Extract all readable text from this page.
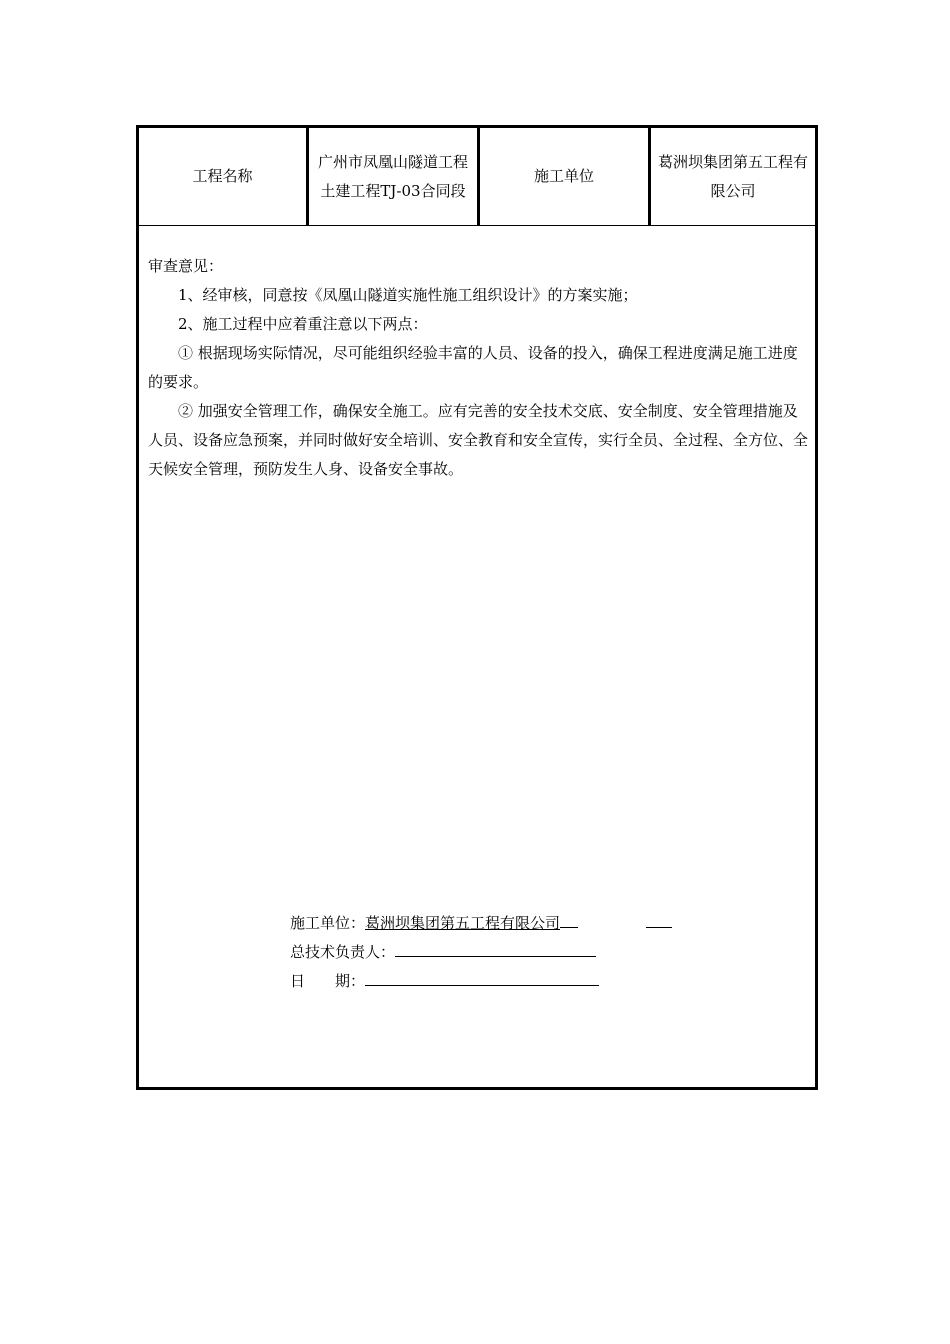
工程名称
广州市凤凰山隧道工程土建工程TJ-03合同段
施工单位
葛洲坝集团第五工程有限公司

审查意见：

1、经审核，同意按《凤凰山隧道实施性施工组织设计》的方案实施；

2、施工过程中应着重注意以下两点：

① 根据现场实际情况，尽可能组织经验丰富的人员、设备的投入，确保工程进度满足施工进度的要求。

② 加强安全管理工作，确保安全施工。应有完善的安全技术交底、安全制度、安全管理措施及人员、设备应急预案，并同时做好安全培训、安全教育和安全宣传，实行全员、全过程、全方位、全天候安全管理，预防发生人身、设备安全事故。

施工单位： 葛洲坝集团第五工程有限公司
总技术负责人：
日　　期：
